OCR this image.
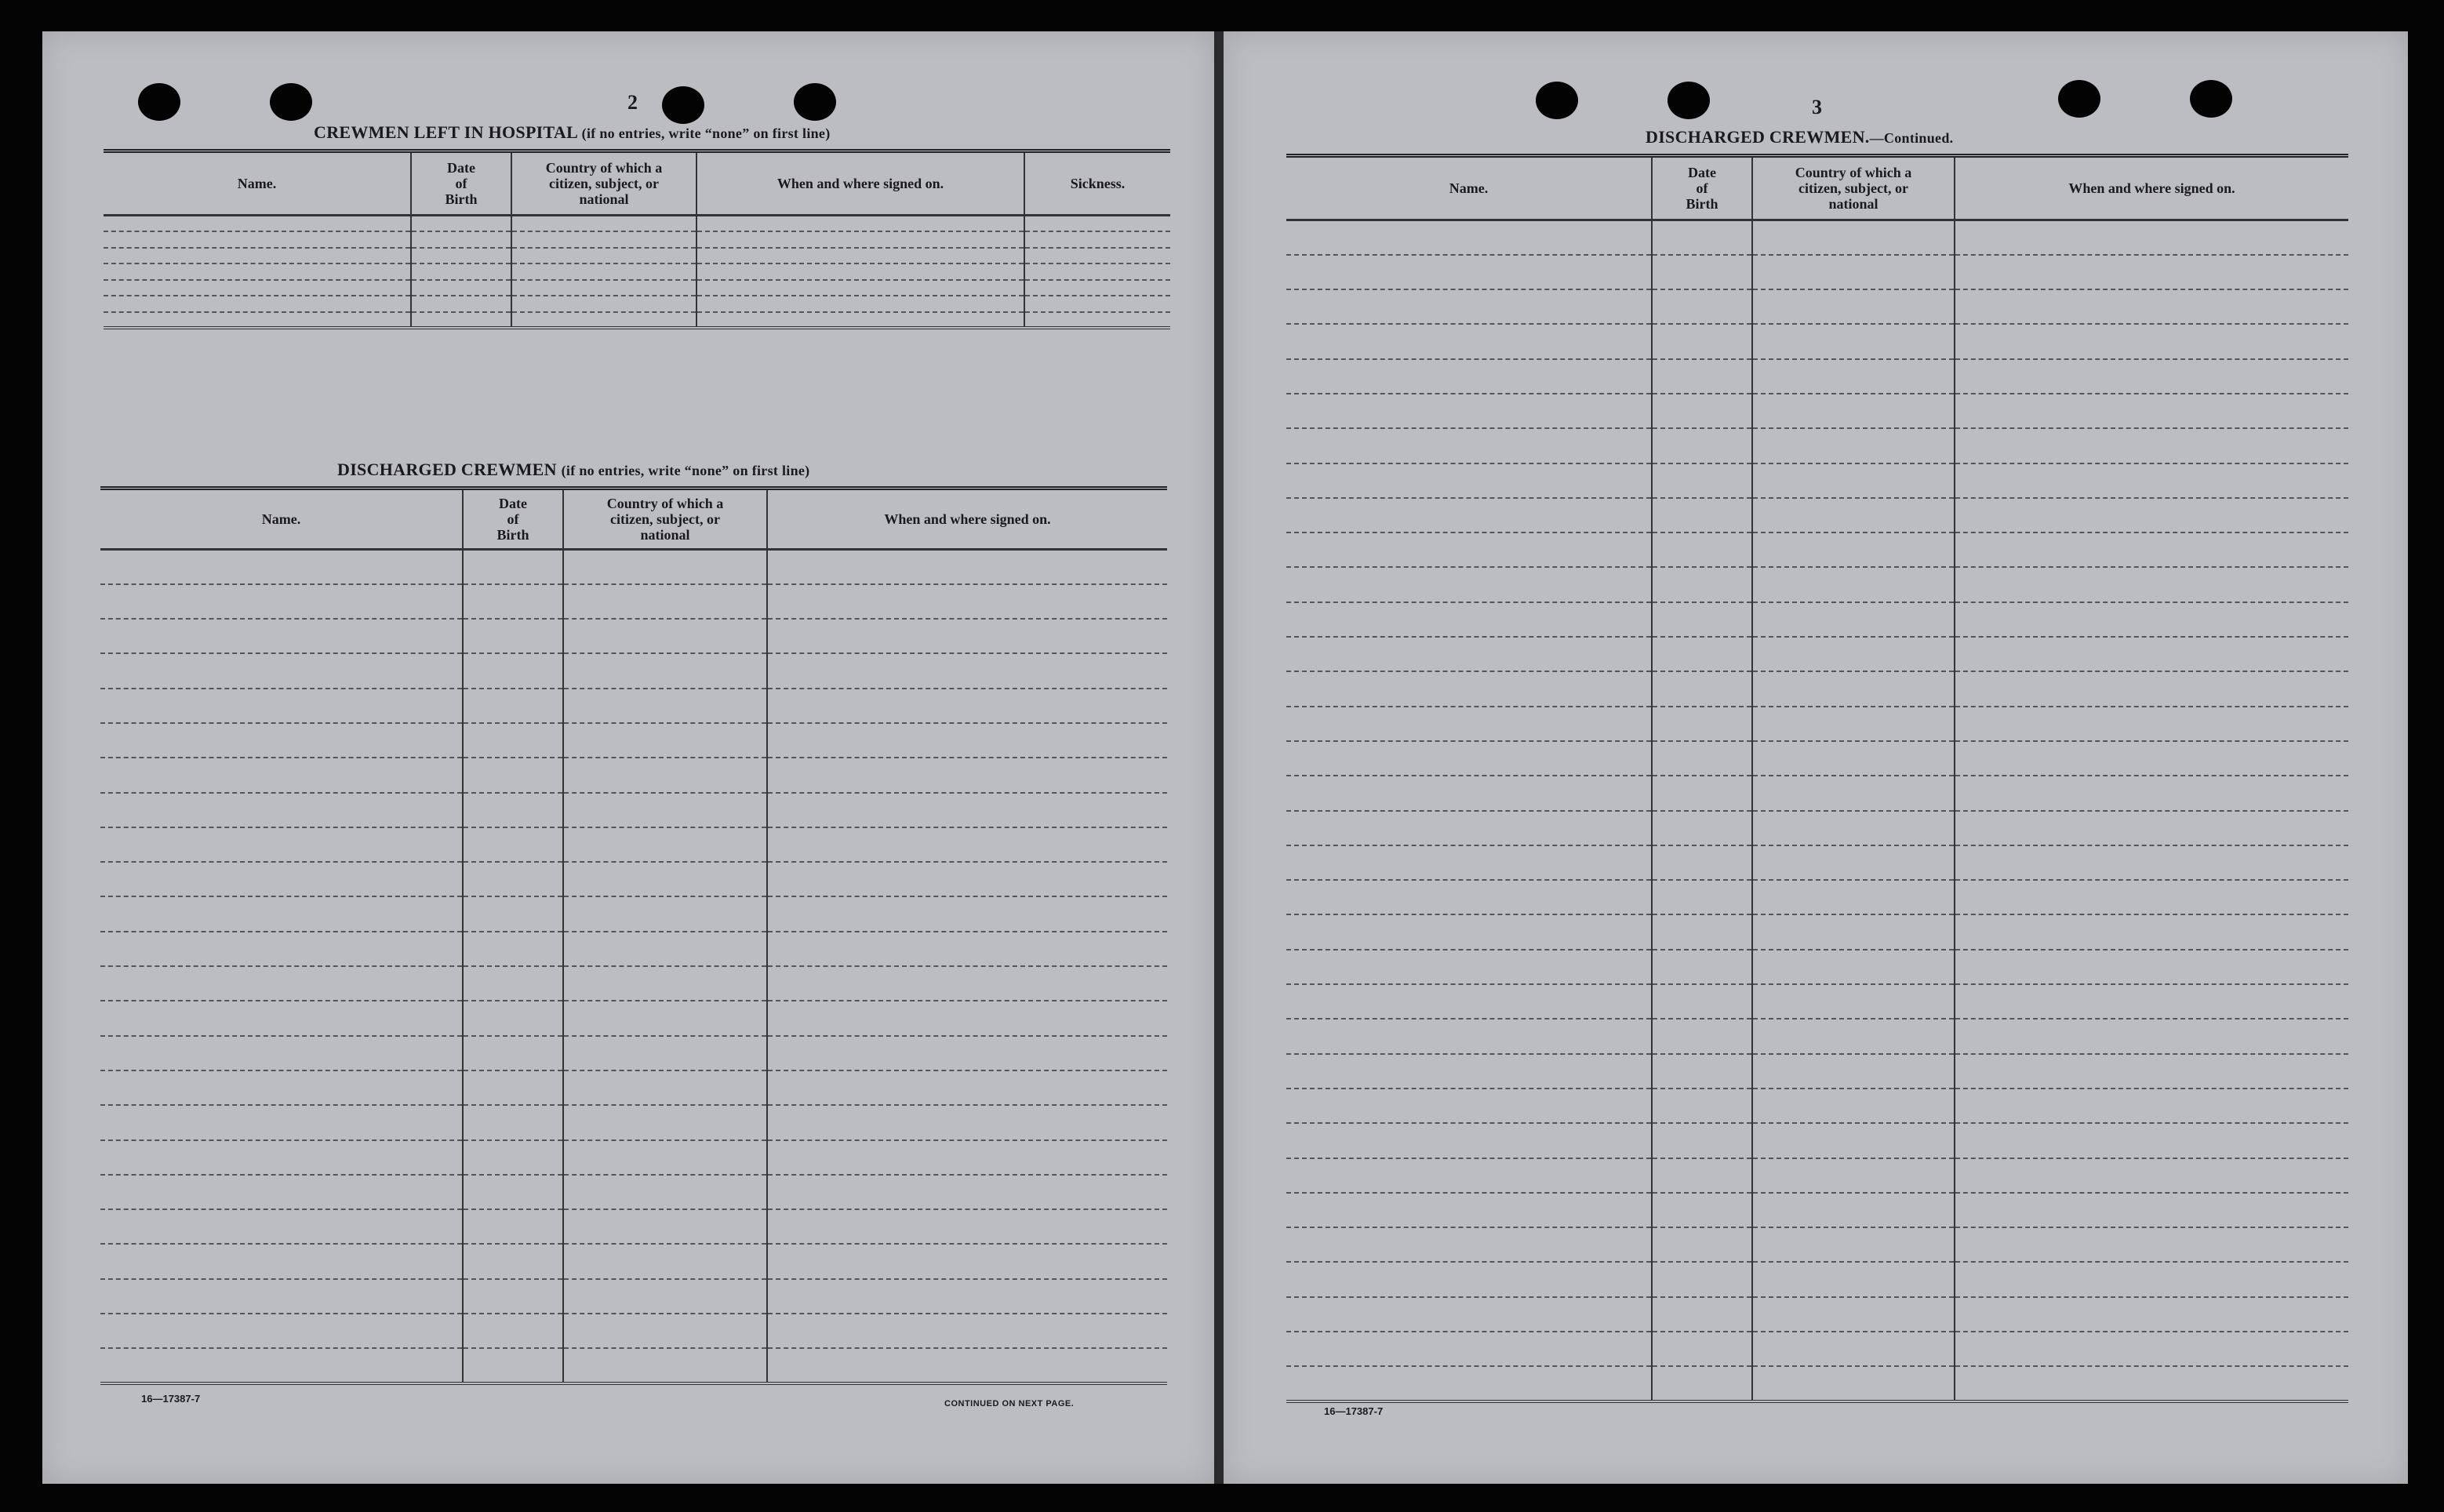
2
CREWMEN LEFT IN HOSPITAL (if no entries, write “none” on first line)
Name.	Date
of
Birth	Country of which a
citizen, subject, or
national	When and where signed on.	Sickness.

DISCHARGED CREWMEN (if no entries, write “none” on first line)
Name.	Date
of
Birth	Country of which a
citizen, subject, or
national	When and where signed on.

16—17387-7	CONTINUED ON NEXT PAGE.
3
DISCHARGED CREWMEN.—Continued.
Name.	Date
of
Birth	Country of which a
citizen, subject, or
national	When and where signed on.

16—17387-7
